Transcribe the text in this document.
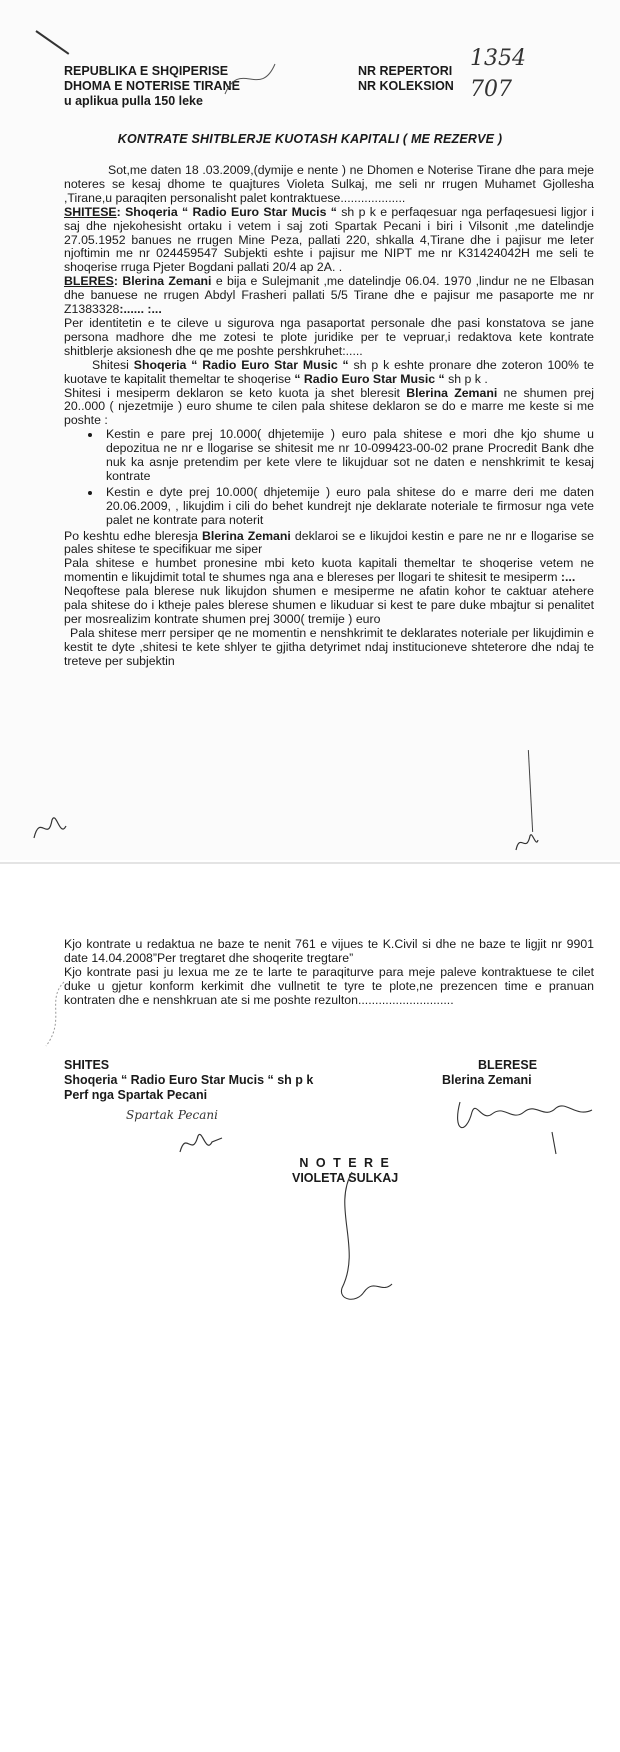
REPUBLIKA E SHQIPERISE
DHOMA E NOTERISE TIRANE
u aplikua pulla 150 leke
NR REPERTORI
NR KOLEKSION
1354
707
KONTRATE SHITBLERJE KUOTASH KAPITALI ( ME REZERVE )

Sot,me daten 18 .03.2009,(dymije e nente ) ne Dhomen e Noterise Tirane dhe para meje noteres se kesaj dhome te quajtures Violeta Sulkaj, me seli nr rrugen Muhamet Gjollesha ,Tirane,u paraqiten personalisht palet kontraktuese...................

SHITESE: Shoqeria “ Radio Euro Star Mucis “ sh p k e perfaqesuar nga perfaqesuesi ligjor i saj dhe njekohesisht ortaku i vetem i saj zoti Spartak Pecani i biri i Vilsonit ,me datelindje 27.05.1952 banues ne rrugen Mine Peza, pallati 220, shkalla 4,Tirane dhe i pajisur me leter njoftimin me nr 024459547 Subjekti eshte i pajisur me NIPT me nr K31424042H me seli te shoqerise rruga Pjeter Bogdani pallati 20/4 ap 2A. .

BLERES: Blerina Zemani e bija e Sulejmanit ,me datelindje 06.04. 1970 ,lindur ne ne Elbasan dhe banuese ne rrugen Abdyl Frasheri pallati 5/5 Tirane dhe e pajisur me pasaporte me nr Z1383328:...... :...

Per identitetin e te cileve u sigurova nga pasaportat personale dhe pasi konstatova se jane persona madhore dhe me zotesi te plote juridike per te vepruar,i redaktova kete kontrate shitblerje aksionesh dhe qe me poshte pershkruhet:.....

Shitesi Shoqeria “ Radio Euro Star Music “ sh p k eshte pronare dhe zoteron 100% te kuotave te kapitalit themeltar te shoqerise “ Radio Euro Star Music “ sh p k .

Shitesi i mesiperm deklaron se keto kuota ja shet bleresit Blerina Zemani ne shumen prej 20..000 ( njezetmije ) euro shume te cilen pala shitese deklaron se do e marre me keste si me poshte :

• Kestin e pare prej 10.000( dhjetemije ) euro pala shitese e mori dhe kjo shume u depozitua ne nr e llogarise se shitesit me nr 10-099423-00-02 prane Procredit Bank dhe nuk ka asnje pretendim per kete vlere te likujduar sot ne daten e nenshkrimit te kesaj kontrate
• Kestin e dyte prej 10.000( dhjetemije ) euro pala shitese do e marre deri me daten 20.06.2009, , likujdim i cili do behet kundrejt nje deklarate noteriale te firmosur nga vete palet ne kontrate para noterit

Po keshtu edhe bleresja Blerina Zemani deklaroi se e likujdoi kestin e pare ne nr e llogarise se pales shitese te specifikuar me siper

Pala shitese e humbet pronesine mbi keto kuota kapitali themeltar te shoqerise vetem ne momentin e likujdimit total te shumes nga ana e blereses per llogari te shitesit te mesiperm :...

Neqoftese pala blerese nuk likujdon shumen e mesiperme ne afatin kohor te caktuar atehere pala shitese do i ktheje pales blerese shumen e likuduar si kest te pare duke mbajtur si penalitet per mosrealizim kontrate shumen prej 3000( tremije ) euro

Pala shitese merr persiper qe ne momentin e nenshkrimit te deklarates noteriale per likujdimin e kestit te dyte ,shitesi te kete shlyer te gjitha detyrimet ndaj institucioneve shteterore dhe ndaj te treteve per subjektin

Kjo kontrate u redaktua ne baze te nenit 761 e vijues te K.Civil si dhe ne baze te ligjit nr 9901 date 14.04.2008”Per tregtaret dhe shoqerite tregtare”

Kjo kontrate pasi ju lexua me ze te larte te paraqiturve para meje paleve kontraktuese te cilet duke u gjetur konform kerkimit dhe vullnetit te tyre te plote,ne prezencen time e pranuan kontraten dhe e nenshkruan ate si me poshte rezulton............................

SHITES
Shoqeria “ Radio Euro Star Mucis “ sh p k
Perf nga Spartak Pecani
Spartak Pecani
BLERESE
Blerina Zemani
N O T E R E
VIOLETA SULKAJ
